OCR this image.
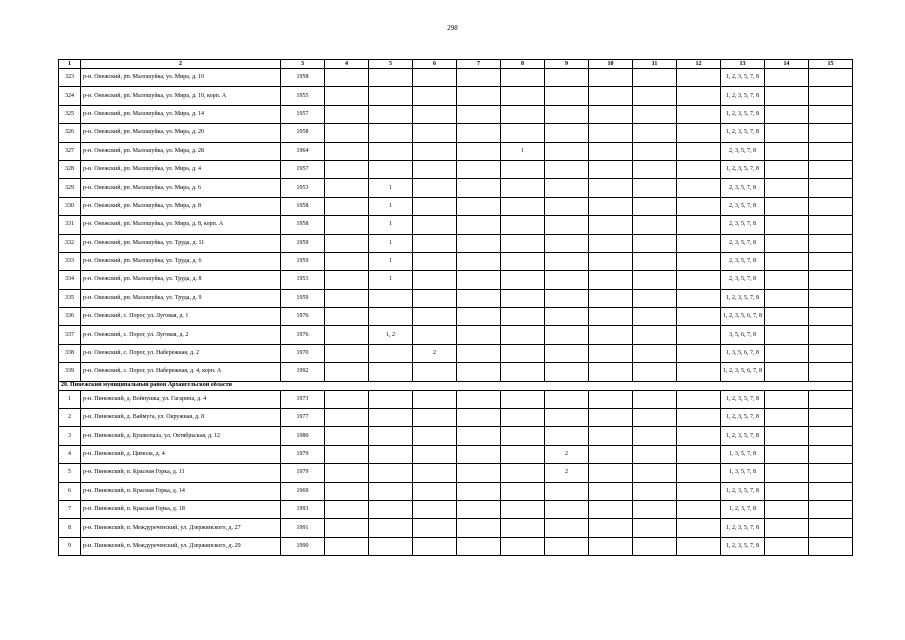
298
1	2	3	4	5	6	7	8	9	10	11	12	13	14	15
323	р-н. Онежский, рп. Малошуйка, ул. Мира, д. 10	1958										1, 2, 3, 5, 7, 8		
324	р-н. Онежский, рп. Малошуйка, ул. Мира, д. 10, корп. А	1955										1, 2, 3, 5, 7, 8		
325	р-н. Онежский, рп. Малошуйка, ул. Мира, д. 14	1957										1, 2, 3, 5, 7, 8		
326	р-н. Онежский, рп. Малошуйка, ул. Мира, д. 20	1958										1, 2, 3, 5, 7, 8		
327	р-н. Онежский, рп. Малошуйка, ул. Мира, д. 28	1964					1					2, 3, 5, 7, 8		
328	р-н. Онежский, рп. Малошуйка, ул. Мира, д. 4	1957										1, 2, 3, 5, 7, 8		
329	р-н. Онежский, рп. Малошуйка, ул. Мира, д. 6	1953		1								2, 3, 5, 7, 8		
330	р-н. Онежский, рп. Малошуйка, ул. Мира, д. 8	1958		1								2, 3, 5, 7, 8		
331	р-н. Онежский, рп. Малошуйка, ул. Мира, д. 8, корп. А	1958		1								2, 3, 5, 7, 8		
332	р-н. Онежский, рп. Малошуйка, ул. Труда, д. 11	1959		1								2, 3, 5, 7, 8		
333	р-н. Онежский, рп. Малошуйка, ул. Труда, д. 6	1959		1								2, 3, 5, 7, 8		
334	р-н. Онежский, рп. Малошуйка, ул. Труда, д. 8	1953		1								2, 3, 5, 7, 8		
335	р-н. Онежский, рп. Малошуйка, ул. Труда, д. 9	1959										1, 2, 3, 5, 7, 8		
336	р-н. Онежский, с. Порог, ул. Луговая, д. 1	1976										1, 2, 3, 5, 6, 7, 8		
337	р-н. Онежский, с. Порог, ул. Луговая, д. 2	1976		1, 2								3, 5, 6, 7, 8		
338	р-н. Онежский, с. Порог, ул. Набережная, д. 2	1970			2							1, 3, 5, 6, 7, 8		
339	р-н. Онежский, с. Порог, ул. Набережная, д. 4, корп. А	1992										1, 2, 3, 5, 6, 7, 8		
20. Пинежский муниципальный район Архангельской области														
1	р-н. Пинежский, д. Войнушка, ул. Гагарина, д. 4	1973										1, 2, 3, 5, 7, 8		
2	р-н. Пинежский, д. Ваймуга, ул. Окружная, д. 8	1977										1, 2, 3, 5, 7, 8		
3	р-н. Пинежский, д. Кушкопала, ул. Октябрьская, д. 12	1980										1, 2, 3, 5, 7, 8		
4	р-н. Пинежский, д. Цимола, д. 4	1979						2				1, 3, 5, 7, 8		
5	р-н. Пинежский, п. Красная Горка, д. 11	1979						2				1, 3, 5, 7, 8		
6	р-н. Пинежский, п. Красная Горка, д. 14	1969										1, 2, 3, 5, 7, 8		
7	р-н. Пинежский, п. Красная Горка, д. 18	1993										1, 2, 3, 7, 8		
8	р-н. Пинежский, п. Междуреченский, ул. Дзержинского, д. 27	1991										1, 2, 3, 5, 7, 8		
9	р-н. Пинежский, п. Междуреченский, ул. Дзержинского, д. 29	1990										1, 2, 3, 5, 7, 8		
